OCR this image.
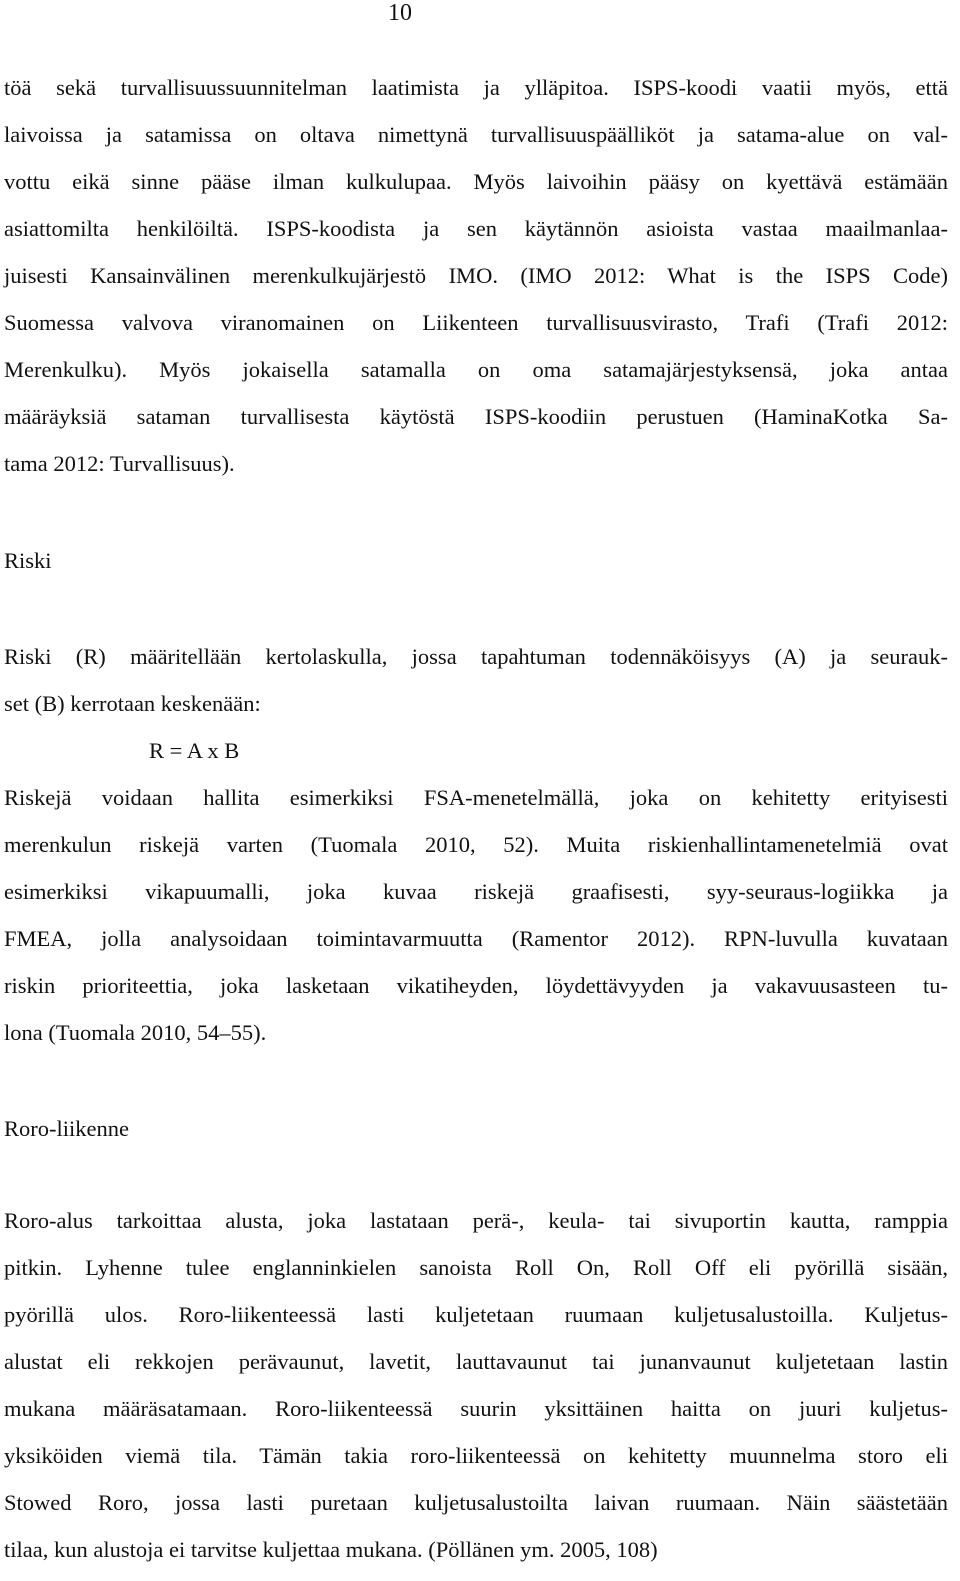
10
töä sekä turvallisuussuunnitelman laatimista ja ylläpitoa. ISPS-koodi vaatii myös, että
laivoissa ja satamissa on oltava nimettynä turvallisuuspäälliköt ja satama-alue on val-
vottu eikä sinne pääse ilman kulkulupaa. Myös laivoihin pääsy on kyettävä estämään
asiattomilta henkilöiltä. ISPS-koodista ja sen käytännön asioista vastaa maailmanlaa-
juisesti Kansainvälinen merenkulkujärjestö IMO. (IMO 2012: What is the ISPS Code)
Suomessa valvova viranomainen on Liikenteen turvallisuusvirasto, Trafi (Trafi 2012:
Merenkulku). Myös jokaisella satamalla on oma satamajärjestyksensä, joka antaa
määräyksiä sataman turvallisesta käytöstä ISPS-koodiin perustuen (HaminaKotka Sa-
tama 2012: Turvallisuus).
Riski
Riski (R) määritellään kertolaskulla, jossa tapahtuman todennäköisyys (A) ja seurauk-
set (B) kerrotaan keskenään:
R = A x B
Riskejä voidaan hallita esimerkiksi FSA-menetelmällä, joka on kehitetty erityisesti
merenkulun riskejä varten (Tuomala 2010, 52). Muita riskienhallintamenetelmiä ovat
esimerkiksi vikapuumalli, joka kuvaa riskejä graafisesti, syy-seuraus-logiikka ja
FMEA, jolla analysoidaan toimintavarmuutta (Ramentor 2012). RPN-luvulla kuvataan
riskin prioriteettia, joka lasketaan vikatiheyden, löydettävyyden ja vakavuusasteen tu-
lona (Tuomala 2010, 54–55).
Roro-liikenne
Roro-alus tarkoittaa alusta, joka lastataan perä-, keula- tai sivuportin kautta, ramppia
pitkin. Lyhenne tulee englanninkielen sanoista Roll On, Roll Off eli pyörillä sisään,
pyörillä ulos. Roro-liikenteessä lasti kuljetetaan ruumaan kuljetusalustoilla. Kuljetus-
alustat eli rekkojen perävaunut, lavetit, lauttavaunut tai junanvaunut kuljetetaan lastin
mukana määräsatamaan. Roro-liikenteessä suurin yksittäinen haitta on juuri kuljetus-
yksiköiden viemä tila. Tämän takia roro-liikenteessä on kehitetty muunnelma storo eli
Stowed Roro, jossa lasti puretaan kuljetusalustoilta laivan ruumaan. Näin säästetään
tilaa, kun alustoja ei tarvitse kuljettaa mukana. (Pöllänen ym. 2005, 108)
